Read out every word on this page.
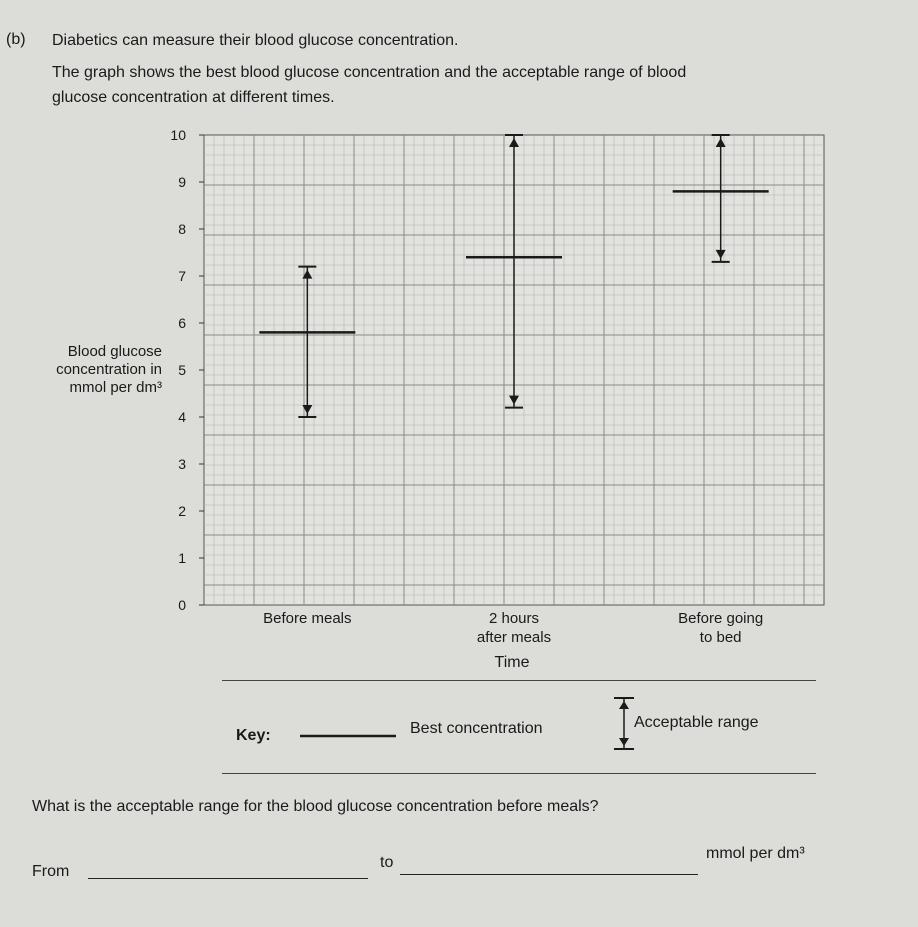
(b) Diabetics can measure their blood glucose concentration.
The graph shows the best blood glucose concentration and the acceptable range of blood
glucose concentration at different times.
0
1
2
3
4
5
6
7
8
9
10
Before meals	2 hours
after meals
Before going
to bed
Blood glucose
concentration in
mmol per dm³
Time
Key:	Best concentration	Acceptable range
What is the acceptable range for the blood glucose concentration before meals?
From
to
mmol per dm³
